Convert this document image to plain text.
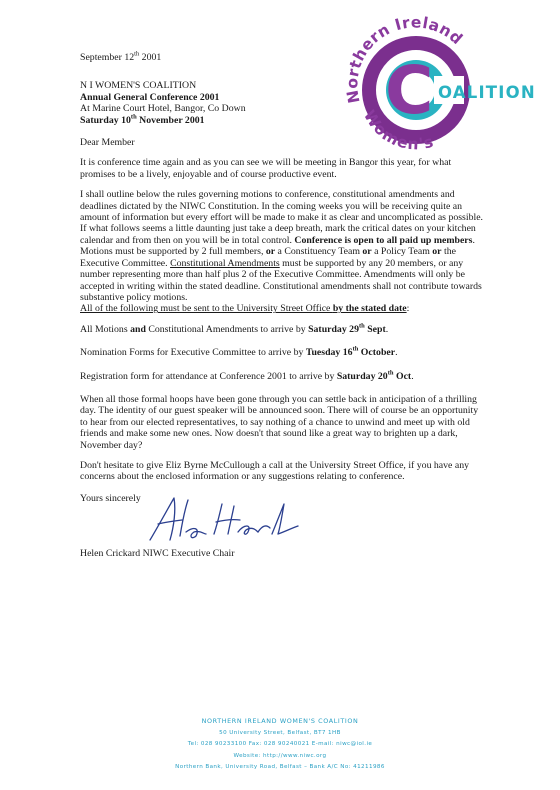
C
Northern Ireland
Women's
OALITION
September 12th 2001
N I WOMEN'S COALITION
Annual General Conference 2001
At Marine Court Hotel, Bangor, Co Down
Saturday 10th November 2001
Dear Member

It is conference time again and as you can see we will be meeting in Bangor this year, for what promises to be a lively, enjoyable and of course productive event.

I shall outline below the rules governing motions to conference, constitutional amendments and deadlines dictated by the NIWC Constitution. In the coming weeks you will be receiving quite an amount of information but every effort will be made to make it as clear and uncomplicated as possible. If what follows seems a little daunting just take a deep breath, mark the critical dates on your kitchen calendar and from then on you will be in total control. Conference is open to all paid up members.

Motions must be supported by 2 full members, or a Constituency Team or a Policy Team or the Executive Committee. Constitutional Amendments must be supported by any 20 members, or any number representing more than half plus 2 of the Executive Committee. Amendments will only be accepted in writing within the stated deadline. Constitutional amendments shall not contribute towards substantive policy motions.

All of the following must be sent to the University Street Office by the stated date:

All Motions and Constitutional Amendments to arrive by Saturday 29th Sept.
Nomination Forms for Executive Committee to arrive by Tuesday 16th October.
Registration form for attendance at Conference 2001 to arrive by Saturday 20th Oct.

When all those formal hoops have been gone through you can settle back in anticipation of a thrilling day. The identity of our guest speaker will be announced soon. There will of course be an opportunity to hear from our elected representatives, to say nothing of a chance to unwind and meet up with old friends and make some new ones. Now doesn't that sound like a great way to brighten up a dark, November day?

Don't hesitate to give Eliz Byrne McCullough a call at the University Street Office, if you have any concerns about the enclosed information or any suggestions relating to conference.

Yours sincerely
Helen Crickard NIWC Executive Chair
NORTHERN IRELAND WOMEN'S COALITION
50 University Street, Belfast, BT7 1HB
Tel: 028 90233100 Fax: 028 90240021 E-mail: niwc@iol.ie
Website: http://www.niwc.org
Northern Bank, University Road, Belfast – Bank A/C No: 41211986
